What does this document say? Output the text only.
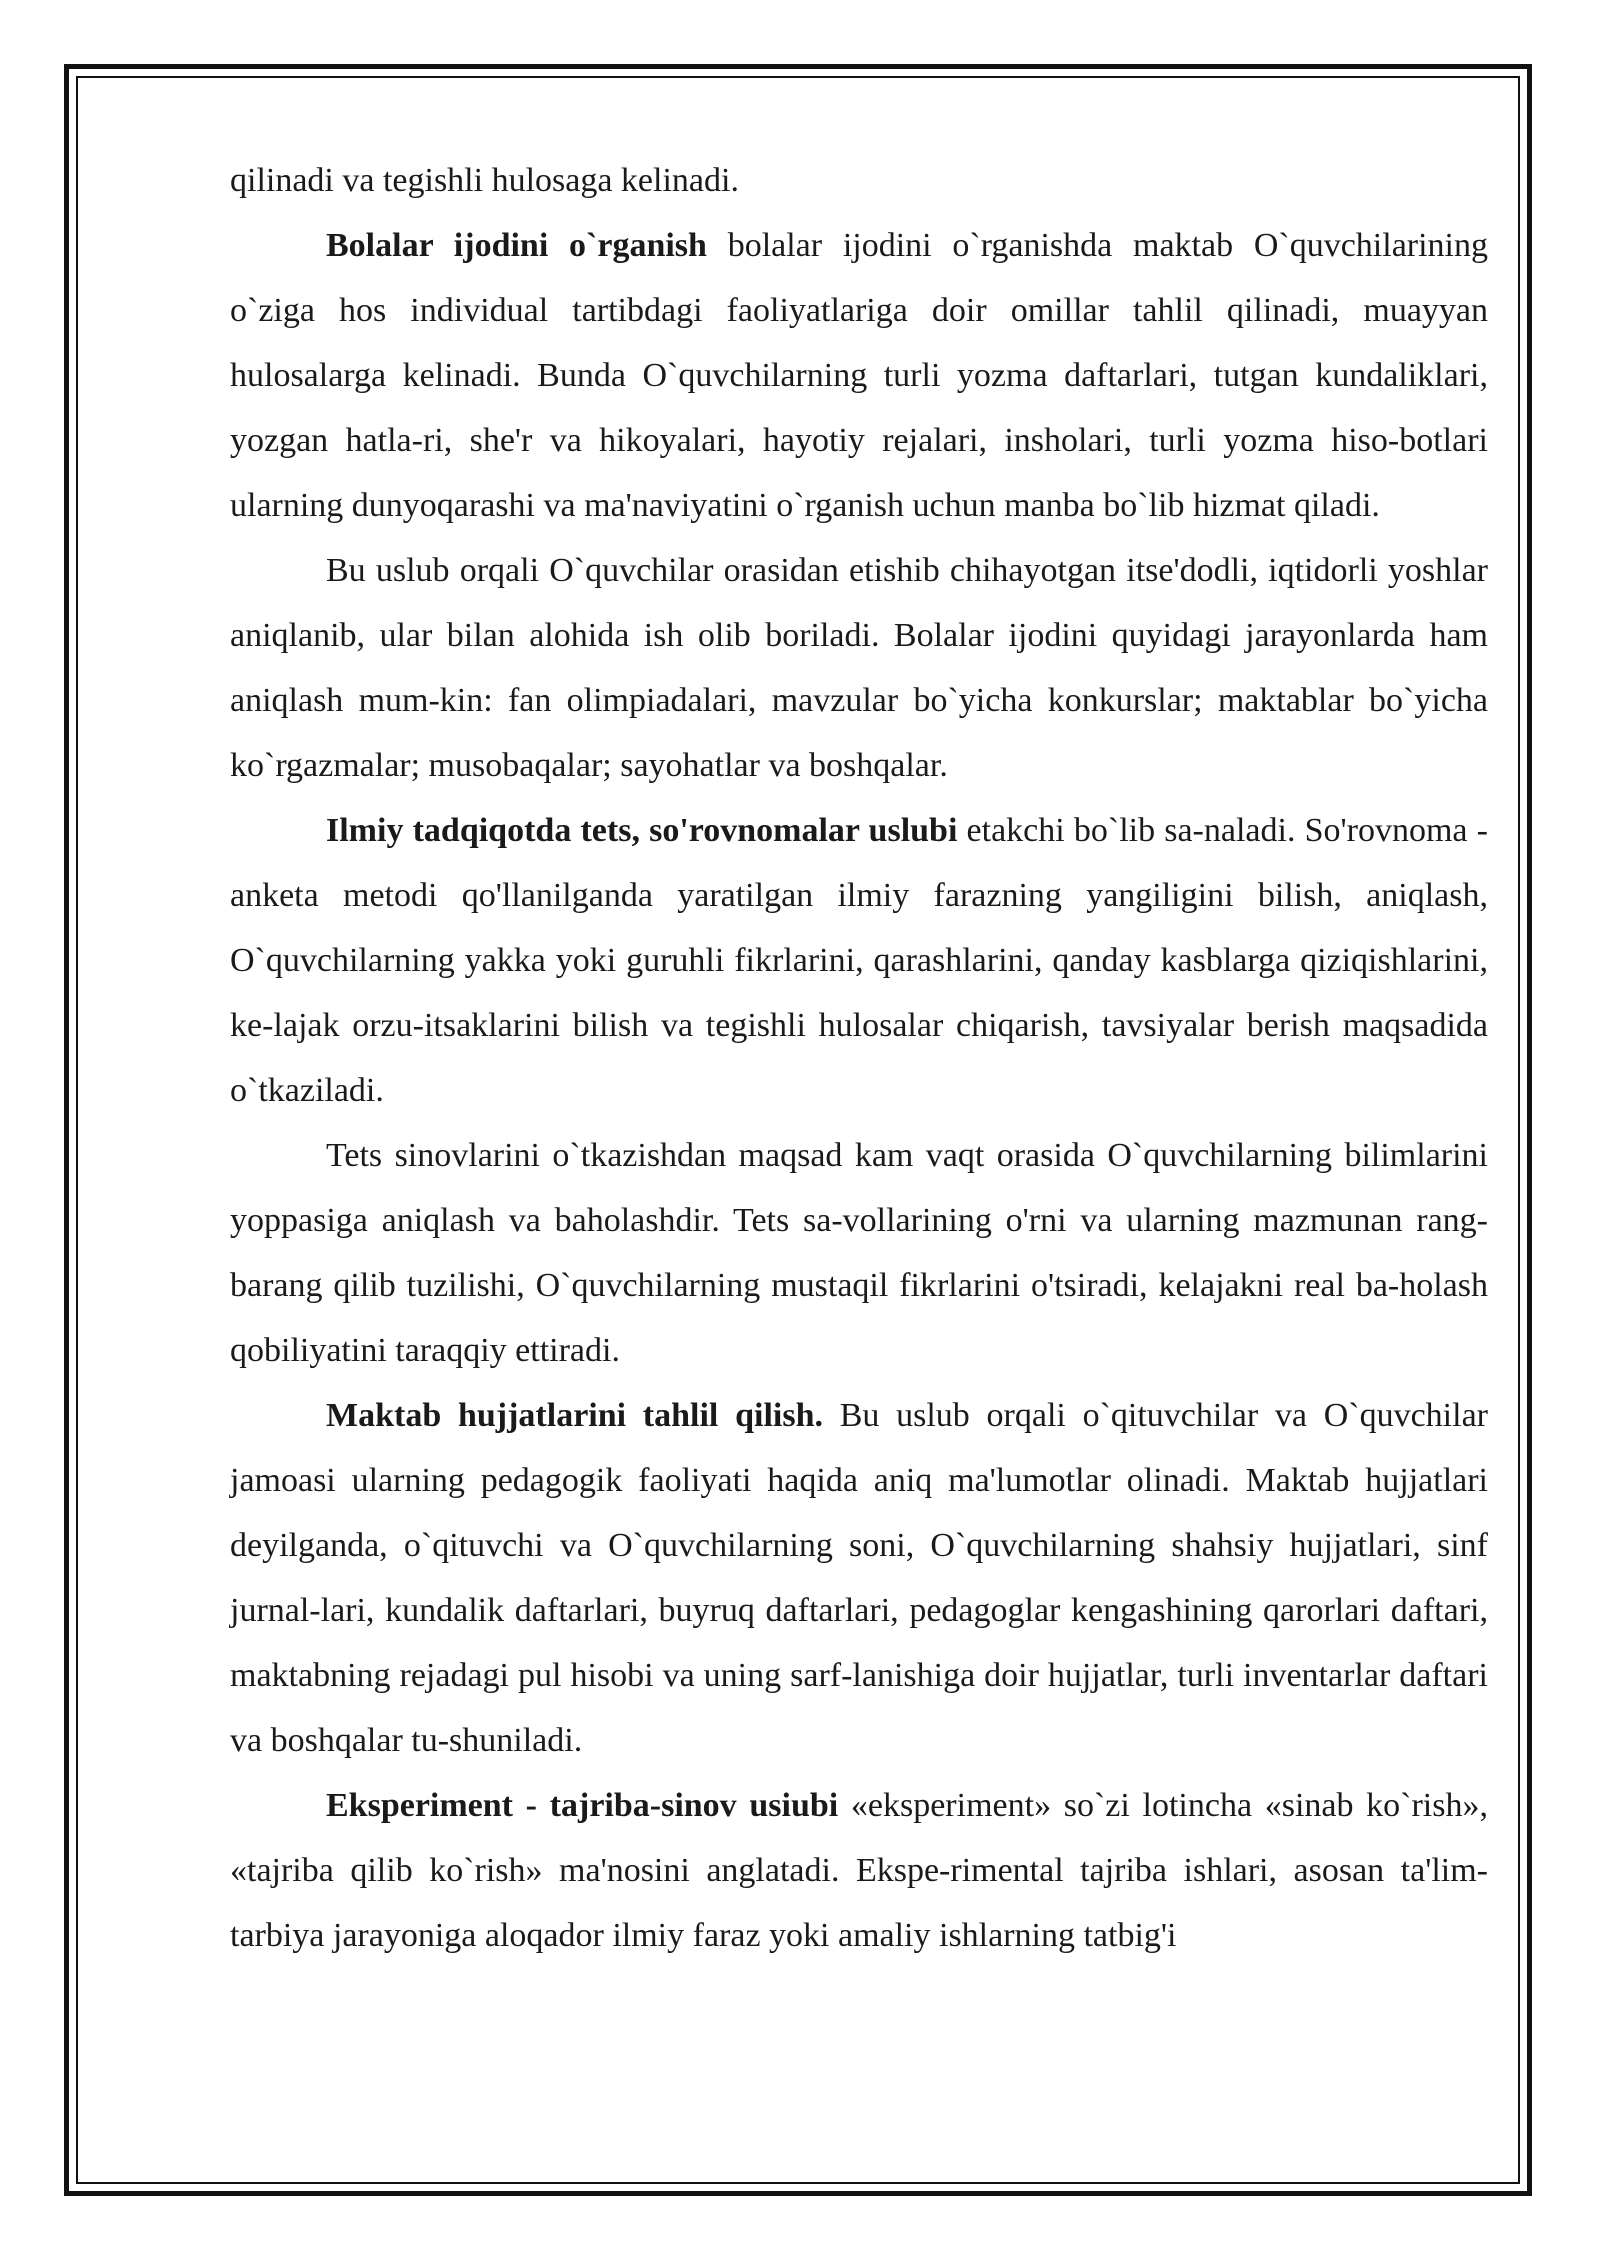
qilinadi va tegishli hulosaga kelinadi.

Bolalar ijodini o`rganish bolalar ijodini o`rganishda maktab O`quvchilarining o`ziga hos individual tartibdagi faoliyatlariga doir omillar tahlil qilinadi, muayyan hulosalarga kelinadi. Bunda O`quvchilarning turli yozma daftarlari, tutgan kundaliklari, yozgan hatla-ri, she'r va hikoyalari, hayotiy rejalari, insholari, turli yozma hiso-botlari ularning dunyoqarashi va ma'naviyatini o`rganish uchun manba bo`lib hizmat qiladi.

Bu uslub orqali O`quvchilar orasidan etishib chihayotgan itse'dodli, iqtidorli yoshlar aniqlanib, ular bilan alohida ish olib boriladi. Bolalar ijodini quyidagi jarayonlarda ham aniqlash mum-kin: fan olimpiadalari, mavzular bo`yicha konkurslar; maktablar bo`yicha ko`rgazmalar; musobaqalar; sayohatlar va boshqalar.

Ilmiy tadqiqotda tets, so'rovnomalar uslubi etakchi bo`lib sa-naladi. So'rovnoma - anketa metodi qo'llanilganda yaratilgan ilmiy farazning yangiligini bilish, aniqlash, O`quvchilarning yakka yoki guruhli fikrlarini, qarashlarini, qanday kasblarga qiziqishlarini, ke-lajak orzu-itsaklarini bilish va tegishli hulosalar chiqarish, tavsiyalar berish maqsadida o`tkaziladi.

Tets sinovlarini o`tkazishdan maqsad kam vaqt orasida O`quvchilarning bilimlarini yoppasiga aniqlash va baholashdir. Tets sa-vollarining o'rni va ularning mazmunan rang-barang qilib tuzilishi, O`quvchilarning mustaqil fikrlarini o'tsiradi, kelajakni real ba-holash qobiliyatini taraqqiy ettiradi.

Maktab hujjatlarini tahlil qilish. Bu uslub orqali o`qituvchilar va O`quvchilar jamoasi ularning pedagogik faoliyati haqida aniq ma'lumotlar olinadi. Maktab hujjatlari deyilganda, o`qituvchi va O`quvchilarning soni, O`quvchilarning shahsiy hujjatlari, sinf jurnal-lari, kundalik daftarlari, buyruq daftarlari, pedagoglar kengashining qarorlari daftari, maktabning rejadagi pul hisobi va uning sarf-lanishiga doir hujjatlar, turli inventarlar daftari va boshqalar tu-shuniladi.

Eksperiment - tajriba-sinov usiubi «eksperiment» so`zi lotincha «sinab ko`rish», «tajriba qilib ko`rish» ma'nosini anglatadi. Ekspe-rimental tajriba ishlari, asosan ta'lim-tarbiya jarayoniga aloqador ilmiy faraz yoki amaliy ishlarning tatbig'i
